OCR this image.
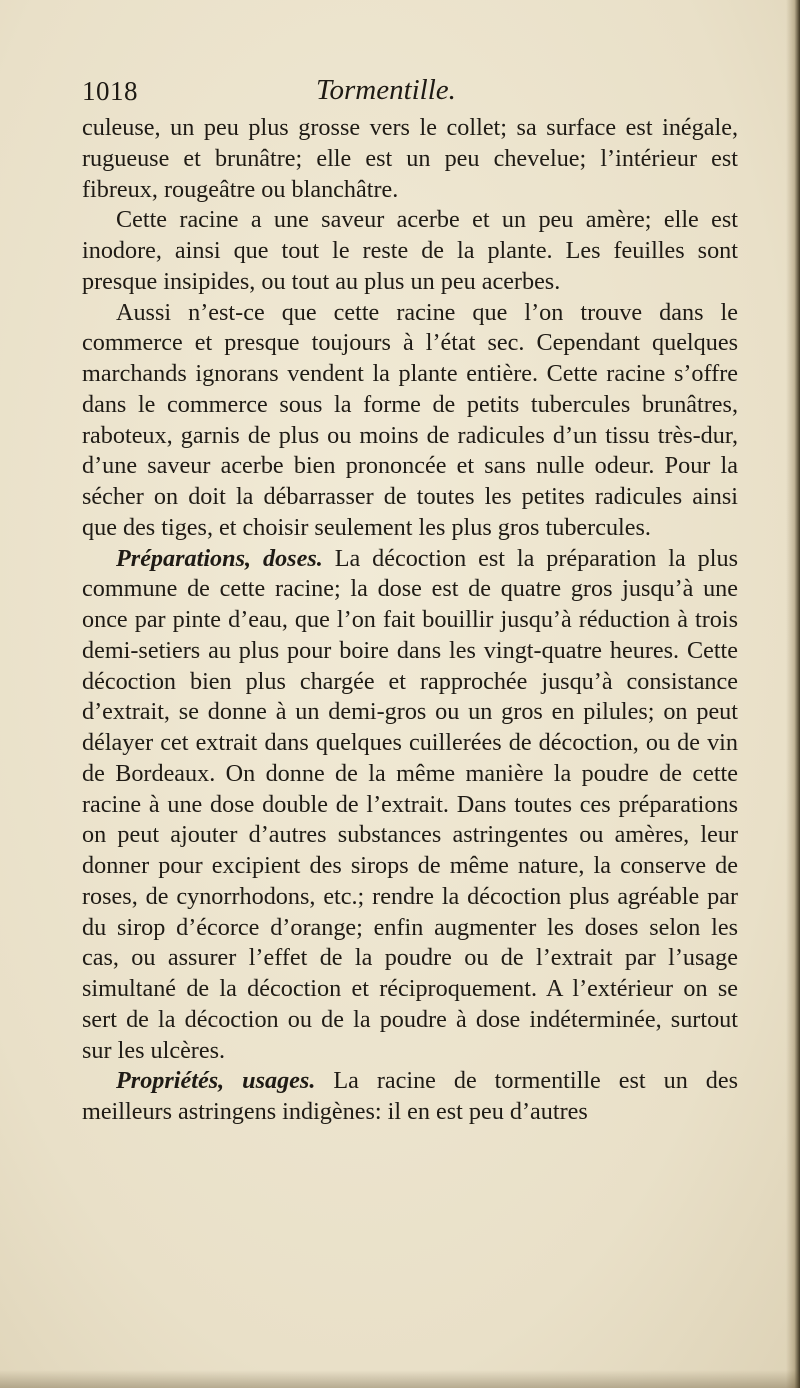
1018	Tormentille.

culeuse, un peu plus grosse vers le collet; sa surface est inégale, rugueuse et brunâtre; elle est un peu chevelue; l’intérieur est fibreux, rougeâtre ou blanchâtre.

Cette racine a une saveur acerbe et un peu amère; elle est inodore, ainsi que tout le reste de la plante. Les feuilles sont presque insipides, ou tout au plus un peu acerbes.

Aussi n’est-ce que cette racine que l’on trouve dans le commerce et presque toujours à l’état sec. Cependant quelques marchands ignorans vendent la plante entière. Cette racine s’offre dans le commerce sous la forme de petits tubercules brunâtres, raboteux, garnis de plus ou moins de radicules d’un tissu très-dur, d’une saveur acerbe bien prononcée et sans nulle odeur. Pour la sécher on doit la débarrasser de toutes les petites radicules ainsi que des tiges, et choisir seulement les plus gros tubercules.

Préparations, doses. La décoction est la préparation la plus commune de cette racine; la dose est de quatre gros jusqu’à une once par pinte d’eau, que l’on fait bouillir jusqu’à réduction à trois demi-setiers au plus pour boire dans les vingt-quatre heures. Cette décoction bien plus chargée et rapprochée jusqu’à consistance d’extrait, se donne à un demi-gros ou un gros en pilules; on peut délayer cet extrait dans quelques cuillerées de décoction, ou de vin de Bordeaux. On donne de la même manière la poudre de cette racine à une dose double de l’extrait. Dans toutes ces préparations on peut ajouter d’autres substances astringentes ou amères, leur donner pour excipient des sirops de même nature, la conserve de roses, de cynorrhodons, etc.; rendre la décoction plus agréable par du sirop d’écorce d’orange; enfin augmenter les doses selon les cas, ou assurer l’effet de la poudre ou de l’extrait par l’usage simultané de la décoction et réciproquement. A l’extérieur on se sert de la décoction ou de la poudre à dose indéterminée, surtout sur les ulcères.

Propriétés, usages. La racine de tormentille est un des meilleurs astringens indigènes: il en est peu d’autres
